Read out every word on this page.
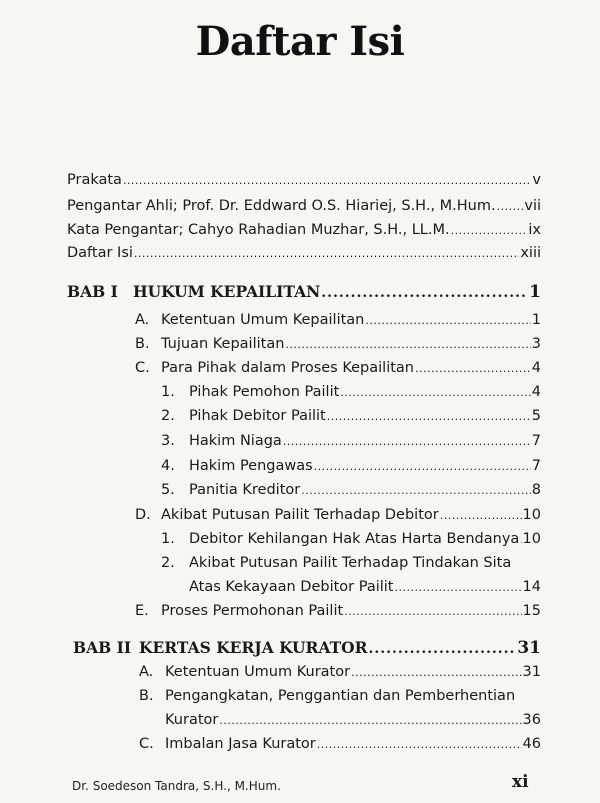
Daftar Isi
Prakata .....	v
Pengantar Ahli; Prof. Dr. Eddward O.S. Hiariej, S.H., M.Hum. ..... vii
Kata Pengantar; Cahyo Rahadian Muzhar, S.H., LL.M. .....	ix
Daftar Isi .....	xiii
BAB I HUKUM KEPAILITAN .....	1
A. Ketentuan Umum Kepailitan .....	1
B. Tujuan Kepailitan .....	3
C. Para Pihak dalam Proses Kepailitan .....	4
1. Pihak Pemohon Pailit .....	4
2. Pihak Debitor Pailit .....	5
3. Hakim Niaga .....	7
4. Hakim Pengawas .....	7
5. Panitia Kreditor .....	8
D. Akibat Putusan Pailit Terhadap Debitor .....	10
1. Debitor Kehilangan Hak Atas Harta Bendanya ..... 10
2. Akibat Putusan Pailit Terhadap Tindakan Sita
Atas Kekayaan Debitor Pailit .....	14
E. Proses Permohonan Pailit .....	15
BAB II KERTAS KERJA KURATOR .....	31
A. Ketentuan Umum Kurator .....	31
B. Pengangkatan, Penggantian dan Pemberhentian
Kurator .....	36
C. Imbalan Jasa Kurator .....	46
Dr. Soedeson Tandra, S.H., M.Hum.	xi
